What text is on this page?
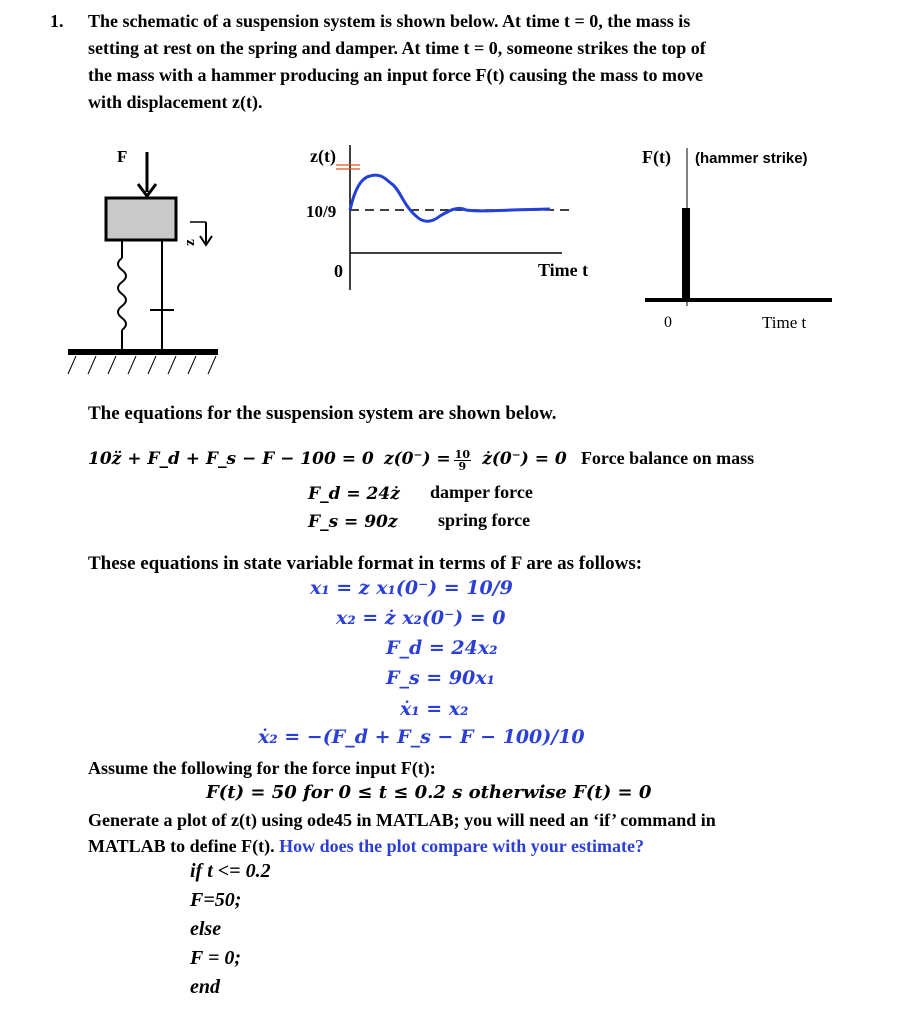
1. The schematic of a suspension system is shown below. At time t = 0, the mass is
setting at rest on the spring and damper. At time t = 0, someone strikes the top of
the mass with a hammer producing an input force F(t) causing the mass to move
with displacement z(t).
F
z
z(t)
10/9
0	Time t
F(t) (hammer strike)
0	Time t
The equations for the suspension system are shown below.
10z̈ + F_d + F_s − F − 100 = 0 $z(0^-) = \frac{10}{9}$ ż(0⁻) = 0 Force balance on mass
F_d = 24ż damper force
F_s = 90z spring force
These equations in state variable format in terms of F are as follows:
x₁ = z x₁(0⁻) = 10/9
x₂ = ż x₂(0⁻) = 0
F_d = 24x₂
F_s = 90x₁
ẋ₁ = x₂
ẋ₂ = −(F_d + F_s − F − 100)/10
Assume the following for the force input F(t):
F(t) = 50 for 0 ≤ t ≤ 0.2 s otherwise F(t) = 0
Generate a plot of z(t) using ode45 in MATLAB; you will need an ‘if’ command in
MATLAB to define F(t). How does the plot compare with your estimate?
if t <= 0.2
F=50;
else
F = 0;
end
